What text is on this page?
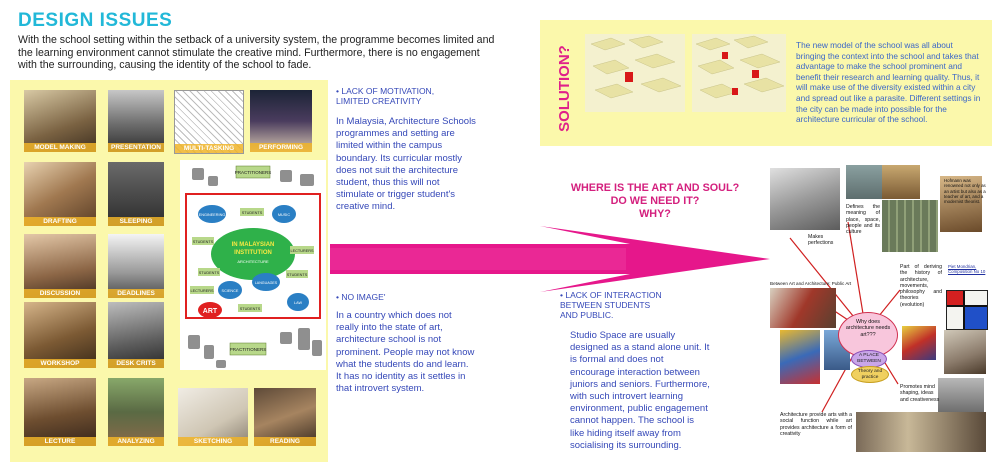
DESIGN ISSUES
With the school setting within the setback of a university system, the programme becomes limited and the learning environment cannot stimulate the creative mind. Furthermore, there is no engagement with the surrounding, causing the identity of the school to fade.
MODEL MAKING	PRESENTATION	MULTI-TASKING	PERFORMING
DRAFTING	SLEEPING
DISCUSSION	DEADLINES
WORKSHOP	DESK CRITS
LECTURE	ANALYZING	SKETCHING	READING
PRACTITIONERS
IN MALAYSIAN
INSTITUTION
ARCHITECTURE
ENGINEERING	STUDENTS	MUSIC
STUDENTS
LECTURERS
STUDENTS	STUDENTS
LECTURERS SCIENCE
LANGUAGES
STUDENTS
LAW
ART
PRACTITIONERS
• LACK OF MOTIVATION,
LIMITED CREATIVITY
In Malaysia, Architecture Schools programmes and setting are limited within the campus boundary. Its curricular mostly does not suit the architecture student, thus this will not stimulate or trigger student's creative mind.
• NO IMAGE'
In a country which does not really into the state of art, architecture school is not prominent. People may not know what the students do and learn. It has no identity as it settles in that introvert system.
• LACK OF INTERACTION
BETWEEN STUDENTS
AND PUBLIC.
Studio Space are usually designed as a stand alone unit. It is formal and does not encourage interaction between juniors and seniors. Furthermore, with such introvert learning environment, public engagement cannot happen. The school is like hiding itself away from socialising its surrounding.
SOLUTION?
The new model of the school was all about bringing the context into the school and takes that advantage to make the school prominent and benefit their research and learning quality. Thus, it will make use of the diversity existed within a city and spread out like a parasite. Different settings in the city can be made into possible for the architecture curricular of the school.
WHERE IS THE ART AND SOUL?
DO WE NEED IT?
WHY?
Makes perfections
Defines the meaning of place, space, people and its culture
Hofmann was renowned not only as an artist but also as a teacher of art, and a modernist theorist.
Between Art and Architecture: Public Art
Part of deriving the history of architecture, movements, philosophy and theories (evolution)
Piet Mondrian, Composition No 10
Promotes mind shaping, ideas and creativeness
Architecture provide arts with a social function while art provides architecture a form of creativity
Why does architecture needs art???
A PLACE BETWEEN
Theory and practice
